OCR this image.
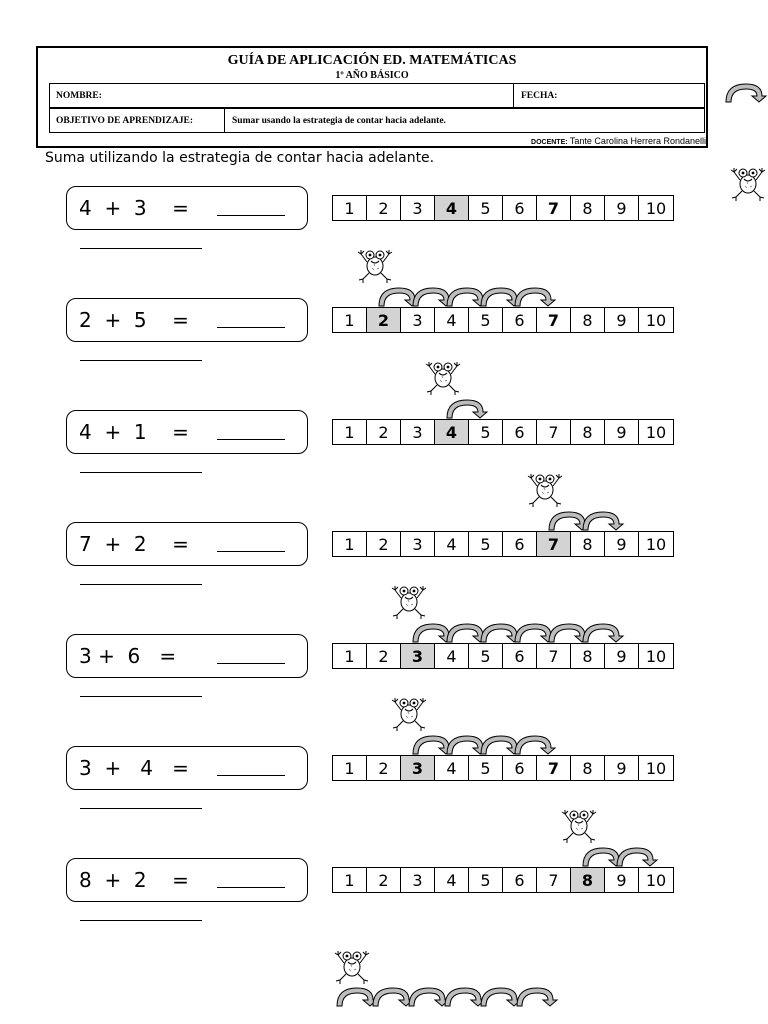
GUÍA DE APLICACIÓN ED. MATEMÁTICAS
1º AÑO BÁSICO
NOMBRE:	FECHA:
OBJETIVO DE APRENDIZAJE:	Sumar usando la estrategia de contar hacia adelante.
DOCENTE: Tante Carolina Herrera Rondanelli
Suma utilizando la estrategia de contar hacia adelante.
4  +  3    =	1	2	3	4	5	6	7	8	9	10
2  +  5    =	1	2	3	4	5	6	7	8	9	10
4  +  1    =	1	2	3	4	5	6	7	8	9	10
7  +  2    =	1	2	3	4	5	6	7	8	9	10
3 +  6   =	1	2	3	4	5	6	7	8	9	10
3  +   4   =	1	2	3	4	5	6	7	8	9	10
8  +  2    =	1	2	3	4	5	6	7	8	9	10
